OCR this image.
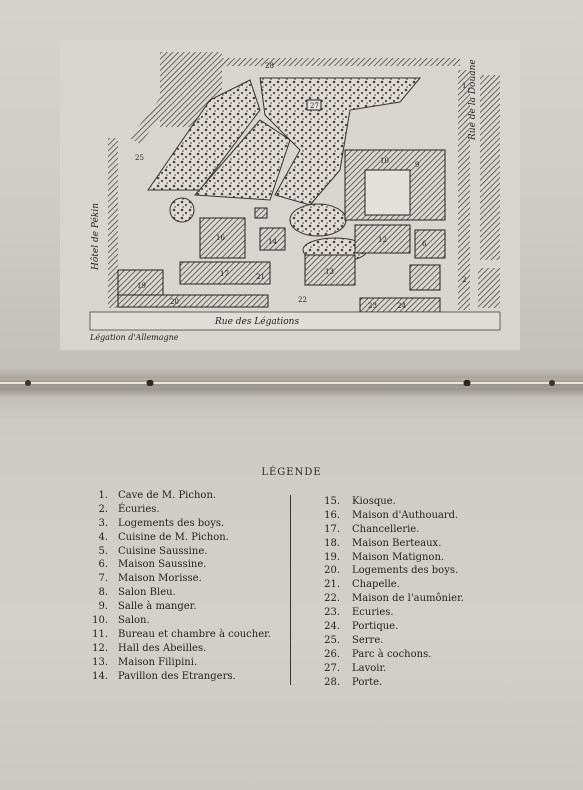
Rue des Légations
Hôtel de Pékin
Rue de la Douane
Légation d'Allemagne
10
12
16
17
19
20
25
27
28
22
24
23
13
6
9
1
2
14
21
LÉGENDE
1.	Cave de M. Pichon.
2.	Écuries.
3.	Logements des boys.
4.	Cuisine de M. Pichon.
5.	Cuisine Saussine.
6.	Maison Saussine.
7.	Maison Morisse.
8.	Salon Bleu.
9.	Salle à manger.
10.	Salon.
11.	Bureau et chambre à coucher.
12.	Hall des Abeilles.
13.	Maison Filipini.
14.	Pavillon des Etrangers.
15.	Kiosque.
16.	Maison d'Authouard.
17.	Chancellerie.
18.	Maison Berteaux.
19.	Maison Matignon.
20.	Logements des boys.
21.	Chapelle.
22.	Maison de l'aumônier.
23.	Ecuries.
24.	Portique.
25.	Serre.
26.	Parc à cochons.
27.	Lavoir.
28.	Porte.
